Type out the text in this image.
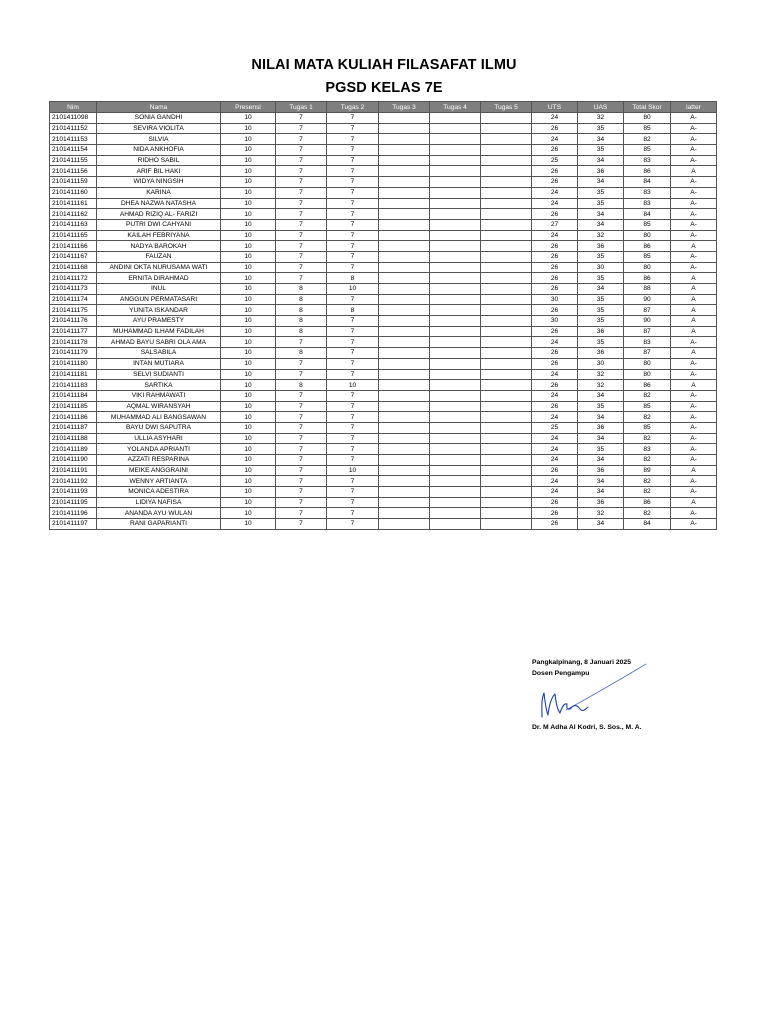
NILAI MATA KULIAH FILASAFAT ILMU
PGSD KELAS 7E
Nim	Nama	Presensi	Tugas 1	Tugas 2	Tugas 3	Tugas 4	Tugas 5	UTS	UAS	Total Skor	latter
2101411098	SONIA GANDHI	10	7	7				24	32	80	A-
2101411152	SEVIRA VIOLITA	10	7	7				26	35	85	A-
2101411153	SILVIA	10	7	7				24	34	82	A-
2101411154	NIDA ANKHOFIA	10	7	7				26	35	85	A-
2101411155	RIDHO SABIL	10	7	7				25	34	83	A-
2101411156	ARIF BIL HAKI	10	7	7				26	36	86	A
2101411159	WIDYA NINGSIH	10	7	7				26	34	84	A-
2101411160	KARINA	10	7	7				24	35	83	A-
2101411161	DHEA NAZWA NATASHA	10	7	7				24	35	83	A-
2101411162	AHMAD RIZIQ AL- FARIZI	10	7	7				26	34	84	A-
2101411163	PUTRI DWI CAHYANI	10	7	7				27	34	85	A-
2101411165	KAILAH FEBRIYANA	10	7	7				24	32	80	A-
2101411166	NADYA BAROKAH	10	7	7				26	36	86	A
2101411167	FAUZAN	10	7	7				26	35	85	A-
2101411168	ANDINI OKTA NURUSAMA WATI	10	7	7				26	30	80	A-
2101411172	ERNITA DIRAHMAD	10	7	8				26	35	86	A
2101411173	INUL	10	8	10				26	34	88	A
2101411174	ANGGUN PERMATASARI	10	8	7				30	35	90	A
2101411175	YUNITA ISKANDAR	10	8	8				26	35	87	A
2101411176	AYU PRAMESTY	10	8	7				30	35	90	A
2101411177	MUHAMMAD ILHAM FADILAH	10	8	7				26	36	87	A
2101411178	AHMAD BAYU SABRI OLA AMA	10	7	7				24	35	83	A-
2101411179	SALSABILA	10	8	7				26	36	87	A
2101411180	INTAN MUTIARA	10	7	7				26	30	80	A-
2101411181	SELVI SUDIANTI	10	7	7				24	32	80	A-
2101411183	SARTIKA	10	8	10				26	32	86	A
2101411184	VIKI RAHMAWATI	10	7	7				24	34	82	A-
2101411185	AQMAL WIRANSYAH	10	7	7				26	35	85	A-
2101411186	MUHAMMAD ALI BANGSAWAN	10	7	7				24	34	82	A-
2101411187	BAYU DWI SAPUTRA	10	7	7				25	36	85	A-
2101411188	ULLIA ASYHARI	10	7	7				24	34	82	A-
2101411189	YOLANDA APRIANTI	10	7	7				24	35	83	A-
2101411190	AZZATI RESPARINA	10	7	7				24	34	82	A-
2101411191	MEIKE ANGGRAINI	10	7	10				26	36	89	A
2101411192	WENNY ARTIANTA	10	7	7				24	34	82	A-
2101411193	MONICA ADESTIRA	10	7	7				24	34	82	A-
2101411195	LIDIYA NAFISA	10	7	7				26	36	86	A
2101411196	ANANDA AYU WULAN	10	7	7				26	32	82	A-
2101411197	RANI GAPARIANTI	10	7	7				26	34	84	A-
Pangkalpinang, 8 Januari 2025
Dosen Pengampu
Dr. M Adha Al Kodri, S. Sos., M. A.
